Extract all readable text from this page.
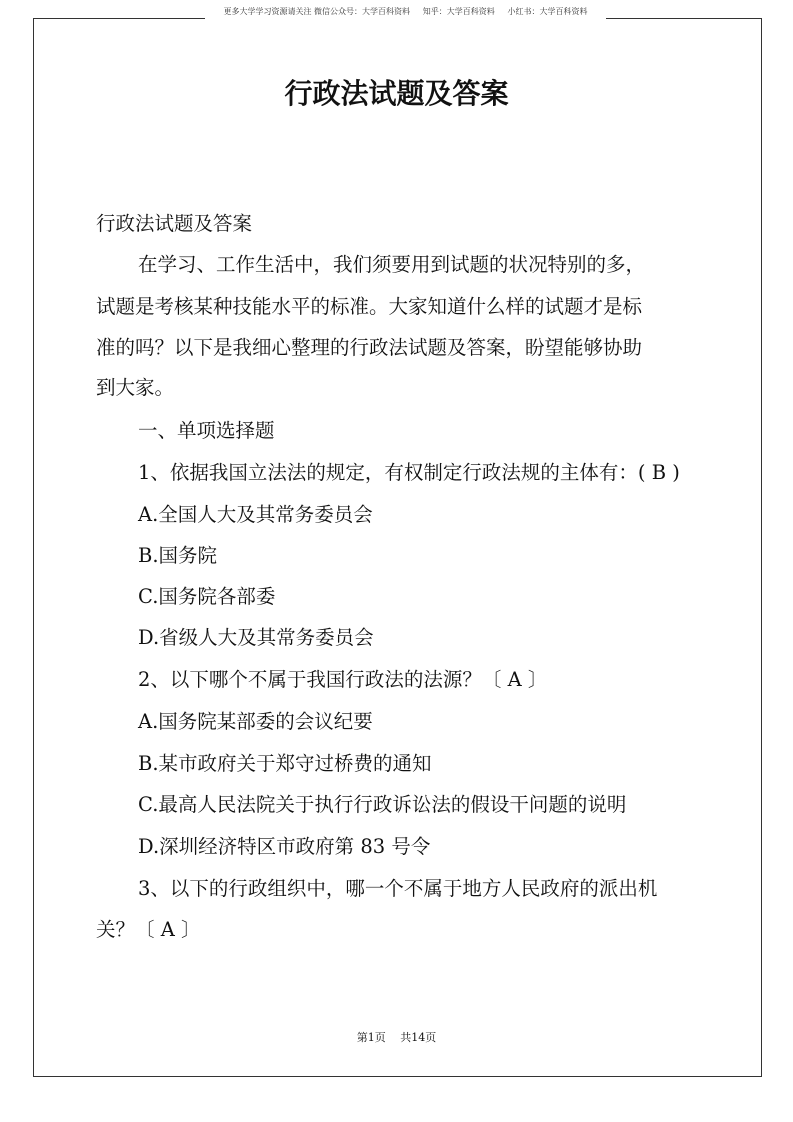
更多大学学习资源请关注 微信公众号：大学百科资料     知乎：大学百科资料     小红书：大学百科资料
行政法试题及答案
行政法试题及答案
在学习、工作生活中，我们须要用到试题的状况特别的多，
试题是考核某种技能水平的标准。大家知道什么样的试题才是标
准的吗？以下是我细心整理的行政法试题及答案，盼望能够协助
到大家。
一、单项选择题
1、依据我国立法法的规定，有权制定行政法规的主体有：( B )
A.全国人大及其常务委员会
B.国务院
C.国务院各部委
D.省级人大及其常务委员会
2、以下哪个不属于我国行政法的法源？〔 A 〕
A.国务院某部委的会议纪要
B.某市政府关于郑守过桥费的通知
C.最高人民法院关于执行行政诉讼法的假设干问题的说明
D.深圳经济特区市政府第 83 号令
3、以下的行政组织中，哪一个不属于地方人民政府的派出机
关？〔 A 〕
第1页　 共14页
